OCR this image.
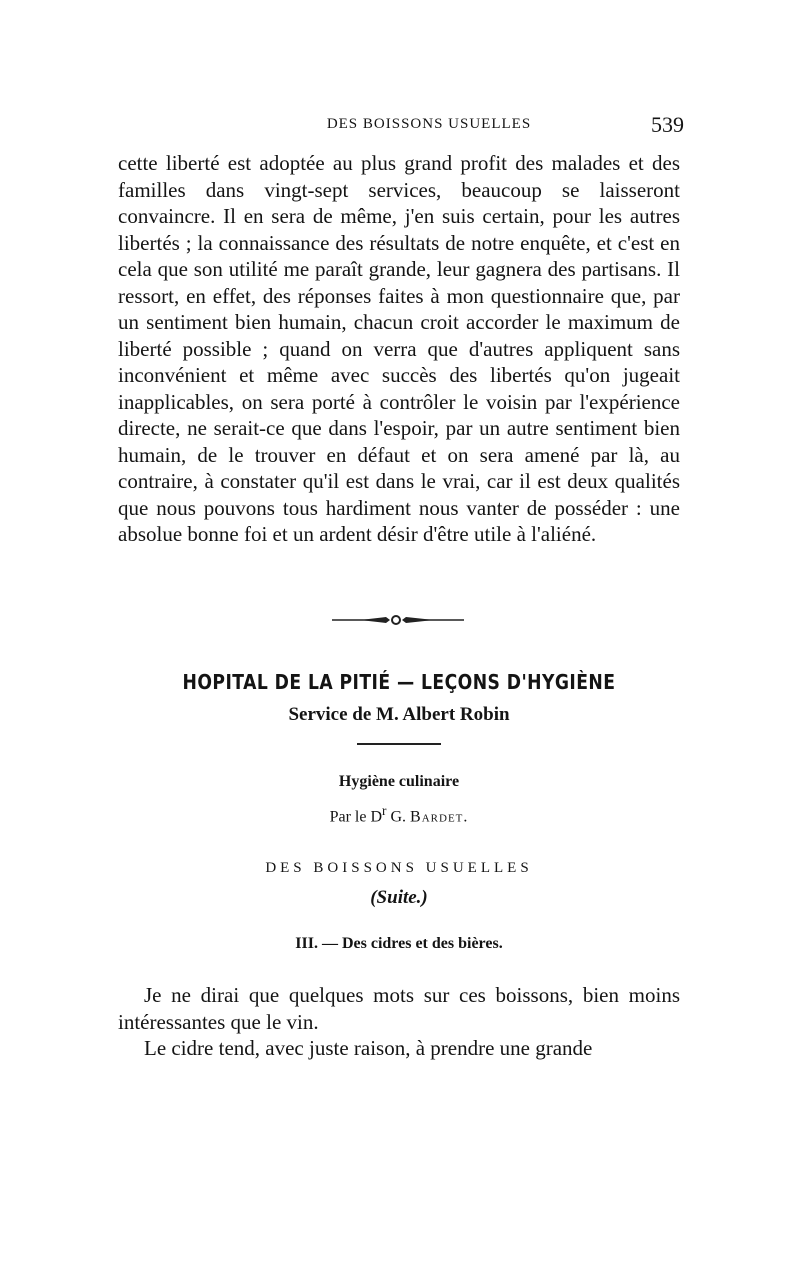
DES BOISSONS USUELLES	539
cette liberté est adoptée au plus grand profit des malades et des familles dans vingt-sept services, beaucoup se laisseront convaincre. Il en sera de même, j'en suis certain, pour les autres libertés ; la connaissance des résultats de notre enquête, et c'est en cela que son utilité me paraît grande, leur gagnera des partisans. Il ressort, en effet, des réponses faites à mon questionnaire que, par un sentiment bien humain, chacun croit accorder le maximum de liberté possible ; quand on verra que d'autres appliquent sans inconvénient et même avec succès des libertés qu'on jugeait inapplicables, on sera porté à contrôler le voisin par l'expérience directe, ne serait-ce que dans l'espoir, par un autre sentiment bien humain, de le trouver en défaut et on sera amené par là, au contraire, à constater qu'il est dans le vrai, car il est deux qualités que nous pouvons tous hardiment nous vanter de posséder : une absolue bonne foi et un ardent désir d'être utile à l'aliéné.
HOPITAL DE LA PITIÉ — LEÇONS D'HYGIÈNE
Service de M. Albert Robin
Hygiène culinaire
Par le $D^r$ G. Bardet.
DES BOISSONS USUELLES
(Suite.)
III. — Des cidres et des bières.
Je ne dirai que quelques mots sur ces boissons, bien moins intéressantes que le vin.
Le cidre tend, avec juste raison, à prendre une grande
